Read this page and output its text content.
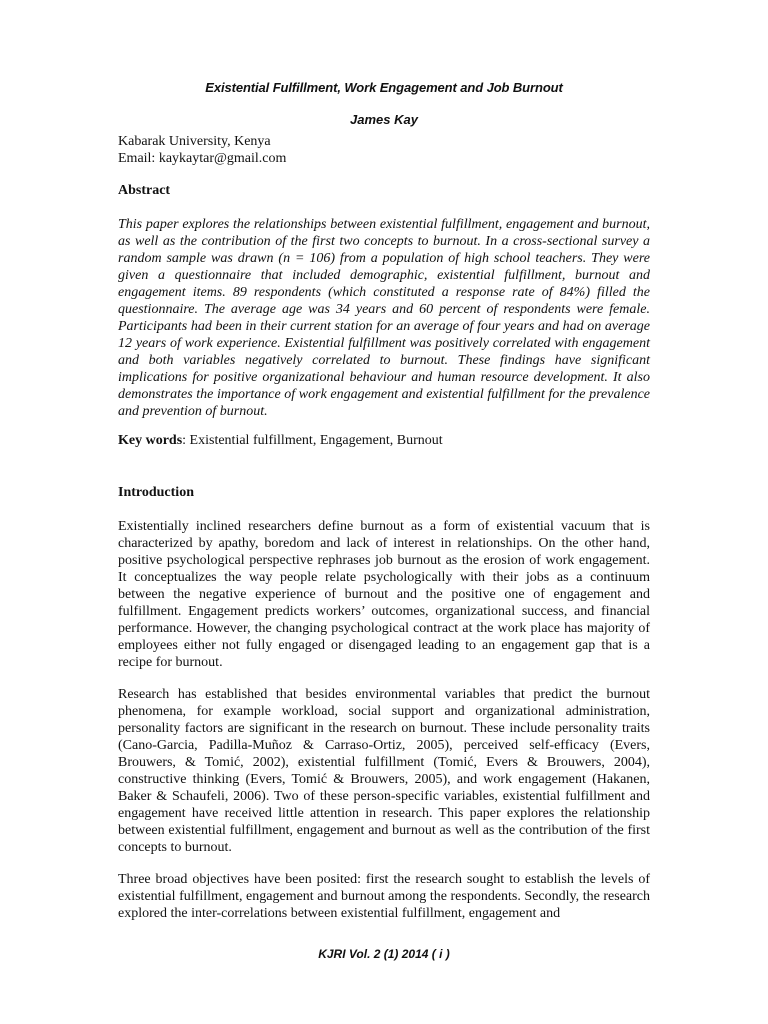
Existential Fulfillment, Work Engagement and Job Burnout
James Kay
Kabarak University, Kenya
Email: kaykaytar@gmail.com
Abstract

This paper explores the relationships between existential fulfillment, engagement and burnout, as well as the contribution of the first two concepts to burnout. In a cross-sectional survey a random sample was drawn (n = 106) from a population of high school teachers. They were given a questionnaire that included demographic, existential fulfillment, burnout and engagement items. 89 respondents (which constituted a response rate of 84%) filled the questionnaire. The average age was 34 years and 60 percent of respondents were female. Participants had been in their current station for an average of four years and had on average 12 years of work experience. Existential fulfillment was positively correlated with engagement and both variables negatively correlated to burnout. These findings have significant implications for positive organizational behaviour and human resource development. It also demonstrates the importance of work engagement and existential fulfillment for the prevalence and prevention of burnout.

Key words: Existential fulfillment, Engagement, Burnout
Introduction

Existentially inclined researchers define burnout as a form of existential vacuum that is characterized by apathy, boredom and lack of interest in relationships. On the other hand, positive psychological perspective rephrases job burnout as the erosion of work engagement. It conceptualizes the way people relate psychologically with their jobs as a continuum between the negative experience of burnout and the positive one of engagement and fulfillment. Engagement predicts workers’ outcomes, organizational success, and financial performance. However, the changing psychological contract at the work place has majority of employees either not fully engaged or disengaged leading to an engagement gap that is a recipe for burnout.

Research has established that besides environmental variables that predict the burnout phenomena, for example workload, social support and organizational administration, personality factors are significant in the research on burnout. These include personality traits (Cano-Garcia, Padilla-Muñoz & Carraso-Ortiz, 2005), perceived self-efficacy (Evers, Brouwers, & Tomić, 2002), existential fulfillment (Tomić, Evers & Brouwers, 2004), constructive thinking (Evers, Tomić & Brouwers, 2005), and work engagement (Hakanen, Baker & Schaufeli, 2006). Two of these person-specific variables, existential fulfillment and engagement have received little attention in research. This paper explores the relationship between existential fulfillment, engagement and burnout as well as the contribution of the first concepts to burnout.

Three broad objectives have been posited: first the research sought to establish the levels of existential fulfillment, engagement and burnout among the respondents. Secondly, the research explored the inter-correlations between existential fulfillment, engagement and

KJRI Vol. 2 (1) 2014 ( i )
